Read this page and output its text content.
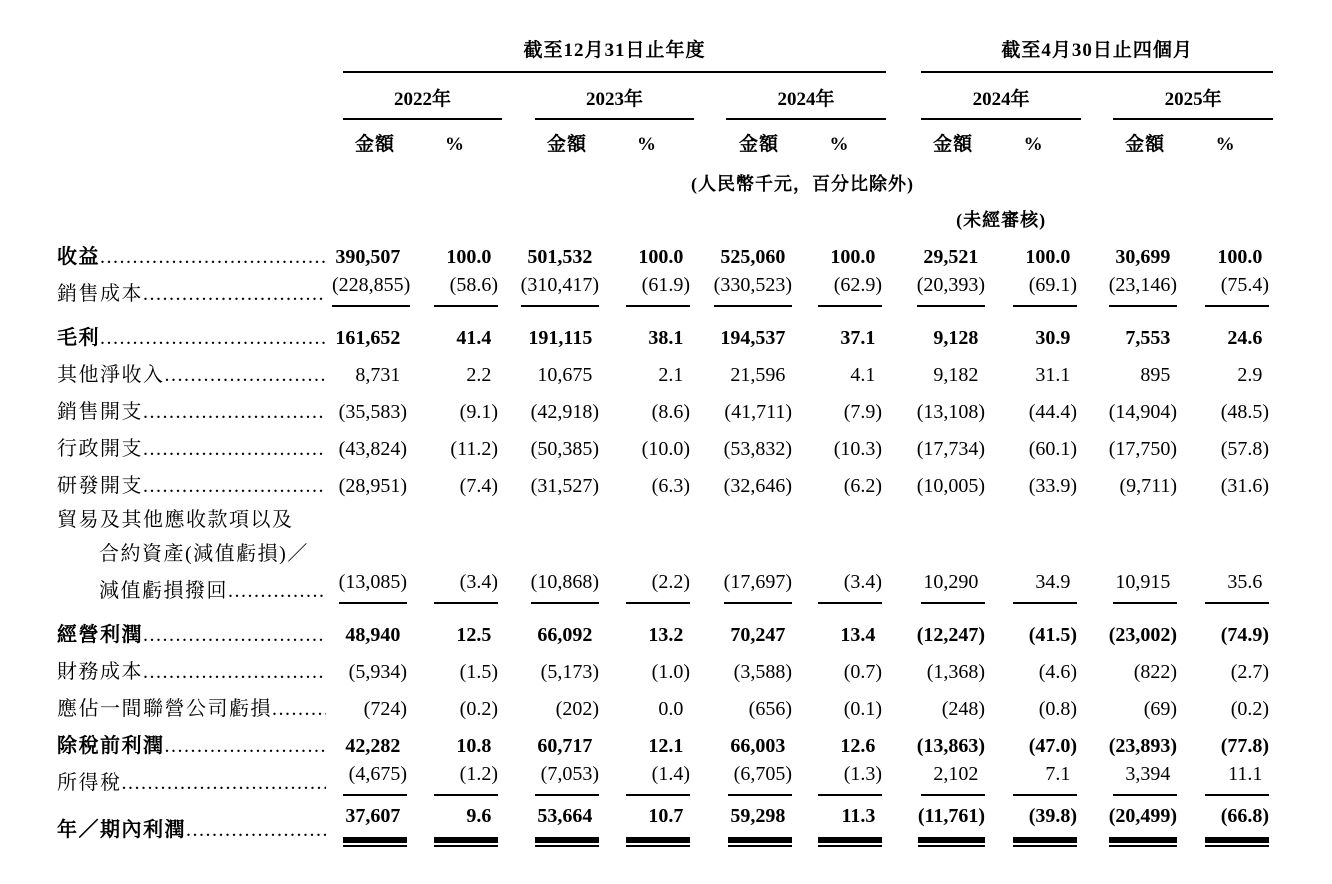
	截至12月31日止年度						截至4月30日止四個月			

	2022年		2023年		2024年		2024年		2025年	

	金額	%	金額	%	金額	%	金額	%	金額	%

	(人民幣千元，百分比除外)									

							(未經審核)			

收益
.....	390,507	100.0	501,532	100.0	525,060	100.0	29,521	100.0	30,699	100.0

銷售成本
.....	(228,855)	(58.6)	(310,417)	(61.9)	(330,523)	(62.9)	(20,393)	(69.1)	(23,146)	(75.4)

毛利
.....	161,652	41.4	191,115	38.1	194,537	37.1	9,128	30.9	7,553	24.6

其他淨收入
.....	8,731	2.2	10,675	2.1	21,596	4.1	9,182	31.1	895	2.9

銷售開支
.....	(35,583)	(9.1)	(42,918)	(8.6)	(41,711)	(7.9)	(13,108)	(44.4)	(14,904)	(48.5)

行政開支
.....	(43,824)	(11.2)	(50,385)	(10.0)	(53,832)	(10.3)	(17,734)	(60.1)	(17,750)	(57.8)

研發開支
.....	(28,951)	(7.4)	(31,527)	(6.3)	(32,646)	(6.2)	(10,005)	(33.9)	(9,711)	(31.6)

貿易及其他應收款項以及										

合約資產(減值虧損)／										

減值虧損撥回
.....	(13,085)	(3.4)	(10,868)	(2.2)	(17,697)	(3.4)	10,290	34.9	10,915	35.6

經營利潤
.....	48,940	12.5	66,092	13.2	70,247	13.4	(12,247)	(41.5)	(23,002)	(74.9)

財務成本
.....	(5,934)	(1.5)	(5,173)	(1.0)	(3,588)	(0.7)	(1,368)	(4.6)	(822)	(2.7)

應佔一間聯營公司虧損
.....	(724)	(0.2)	(202)	0.0	(656)	(0.1)	(248)	(0.8)	(69)	(0.2)

除稅前利潤
.....	42,282	10.8	60,717	12.1	66,003	12.6	(13,863)	(47.0)	(23,893)	(77.8)

所得稅
.....	(4,675)	(1.2)	(7,053)	(1.4)	(6,705)	(1.3)	2,102	7.1	3,394	11.1

年／期內利潤
.....	37,607	9.6	53,664	10.7	59,298	11.3	(11,761)	(39.8)	(20,499)	(66.8)
